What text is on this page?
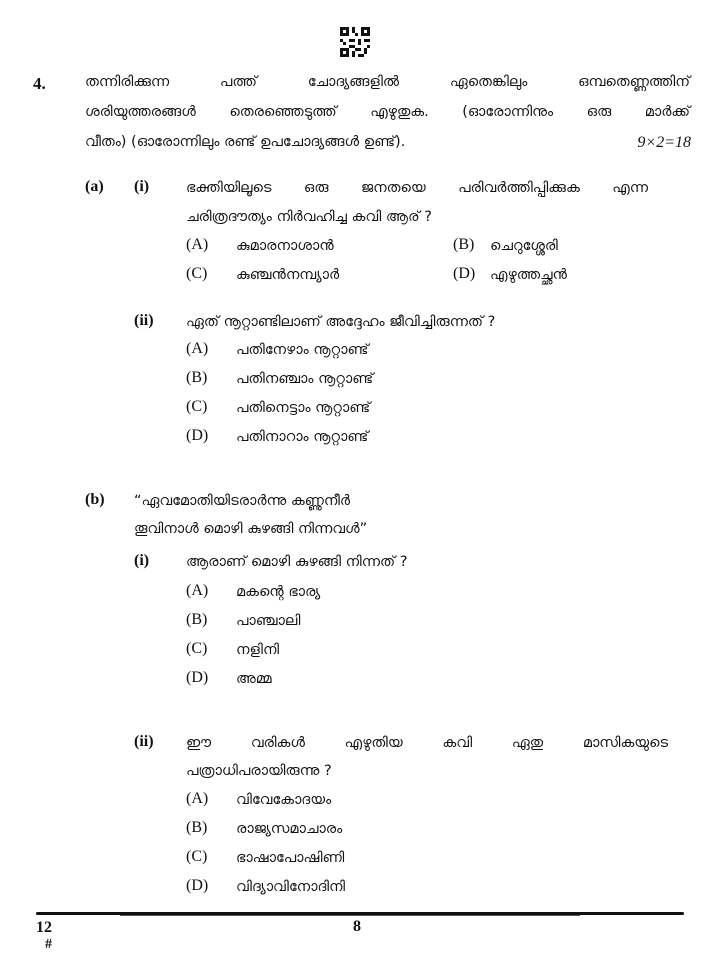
4.	തന്നിരിക്കുന്ന പത്ത് ചോദ്യങ്ങളിൽ ഏതെങ്കിലും ഒമ്പതെണ്ണത്തിന്
ശരിയുത്തരങ്ങൾ തെരഞ്ഞെടുത്ത് എഴുതുക. (ഓരോന്നിനും ഒരു മാർക്ക്
വീതം) (ഓരോന്നിലും രണ്ട് ഉപചോദ്യങ്ങൾ ഉണ്ട്).	9×2=18
(a) (i)	ഭക്തിയിലൂടെ ഒരു ജനതയെ പരിവർത്തിപ്പിക്കുക എന്ന
ചരിത്രദൗത്യം നിർവഹിച്ച കവി ആര് ?
(A) കുമാരനാശാൻ	(B) ചെറുശ്ശേരി
(C) കുഞ്ചൻനമ്പ്യാർ	(D) എഴുത്തച്ഛൻ
(ii) ഏത് നൂറ്റാണ്ടിലാണ് അദ്ദേഹം ജീവിച്ചിരുന്നത് ?
(A) പതിനേഴാം നൂറ്റാണ്ട്
(B) പതിനഞ്ചാം നൂറ്റാണ്ട്
(C) പതിനെട്ടാം നൂറ്റാണ്ട്
(D) പതിനാറാം നൂറ്റാണ്ട്
(b) “ഏവമോതിയിടരാർന്നു കണ്ണുനീർ
തൂവിനാൾ മൊഴി കുഴങ്ങി നിന്നവൾ”
(i)	ആരാണ് മൊഴി കുഴങ്ങി നിന്നത് ?
(A) മകന്റെ ഭാര്യ
(B) പാഞ്ചാലി
(C) നളിനി
(D) അമ്മ
(ii) ഈ വരികൾ എഴുതിയ കവി ഏതു മാസികയുടെ
പത്രാധിപരായിരുന്നു ?
(A) വിവേകോദയം
(B) രാജ്യസമാചാരം
(C) ഭാഷാപോഷിണി
(D) വിദ്യാവിനോദിനി
12
#
8
